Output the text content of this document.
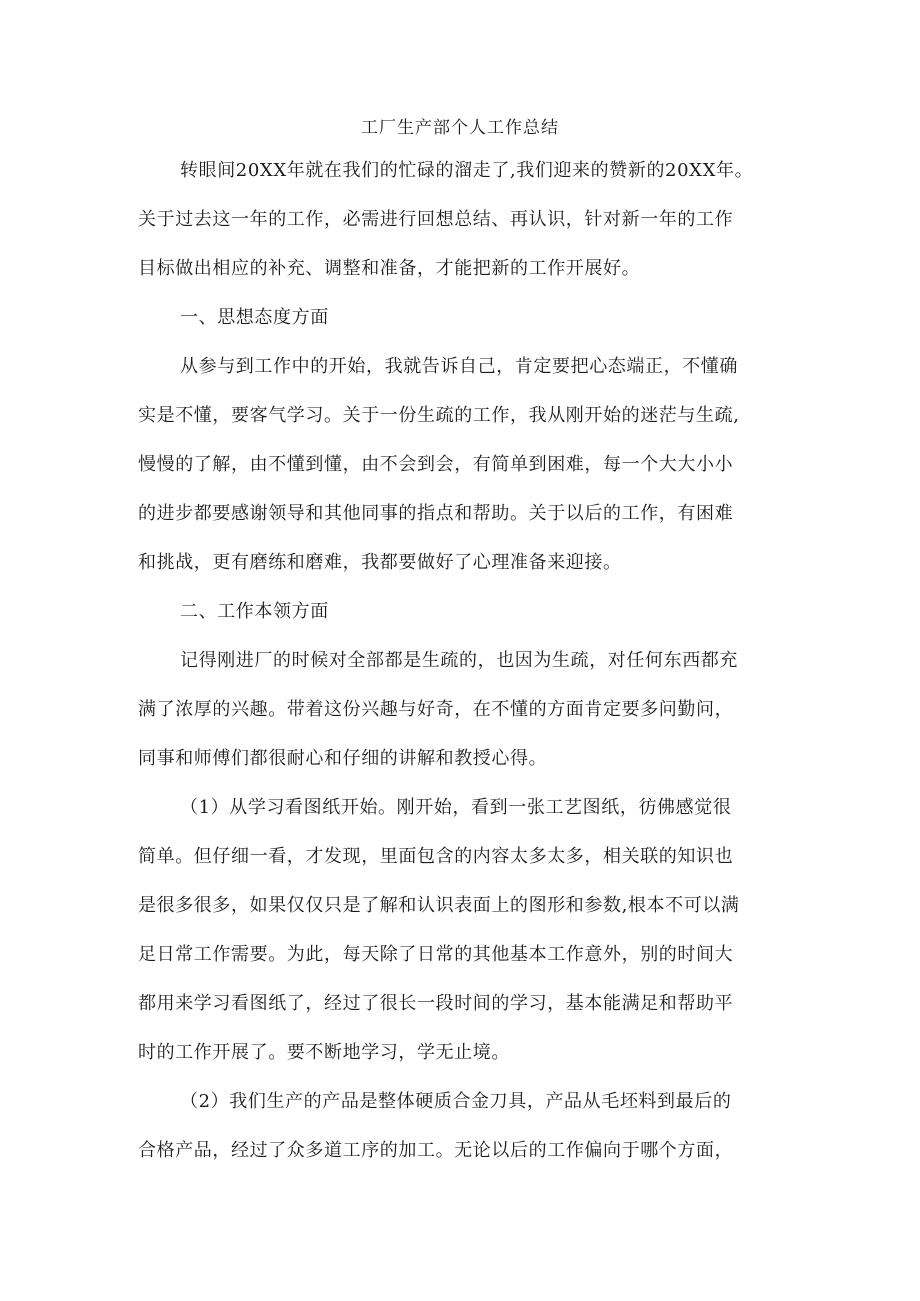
工厂生产部个人工作总结
转眼间20XX年就在我们的忙碌的溜走了,我们迎来的赞新的20XX年。
关于过去这一年的工作，必需进行回想总结、再认识，针对新一年的工作
目标做出相应的补充、调整和准备，才能把新的工作开展好。
一、思想态度方面
从参与到工作中的开始，我就告诉自己，肯定要把心态端正，不懂确
实是不懂，要客气学习。关于一份生疏的工作，我从刚开始的迷茫与生疏,
慢慢的了解，由不懂到懂，由不会到会，有简单到困难，每一个大大小小
的进步都要感谢领导和其他同事的指点和帮助。关于以后的工作，有困难
和挑战，更有磨练和磨难，我都要做好了心理准备来迎接。
二、工作本领方面
记得刚进厂的时候对全部都是生疏的，也因为生疏，对任何东西都充
满了浓厚的兴趣。带着这份兴趣与好奇，在不懂的方面肯定要多问勤问，
同事和师傅们都很耐心和仔细的讲解和教授心得。
（1）从学习看图纸开始。刚开始，看到一张工艺图纸，彷佛感觉很
简单。但仔细一看，才发现，里面包含的内容太多太多，相关联的知识也
是很多很多，如果仅仅只是了解和认识表面上的图形和参数,根本不可以满
足日常工作需要。为此，每天除了日常的其他基本工作意外，别的时间大
都用来学习看图纸了，经过了很长一段时间的学习，基本能满足和帮助平
时的工作开展了。要不断地学习，学无止境。
（2）我们生产的产品是整体硬质合金刀具，产品从毛坯料到最后的
合格产品，经过了众多道工序的加工。无论以后的工作偏向于哪个方面，
